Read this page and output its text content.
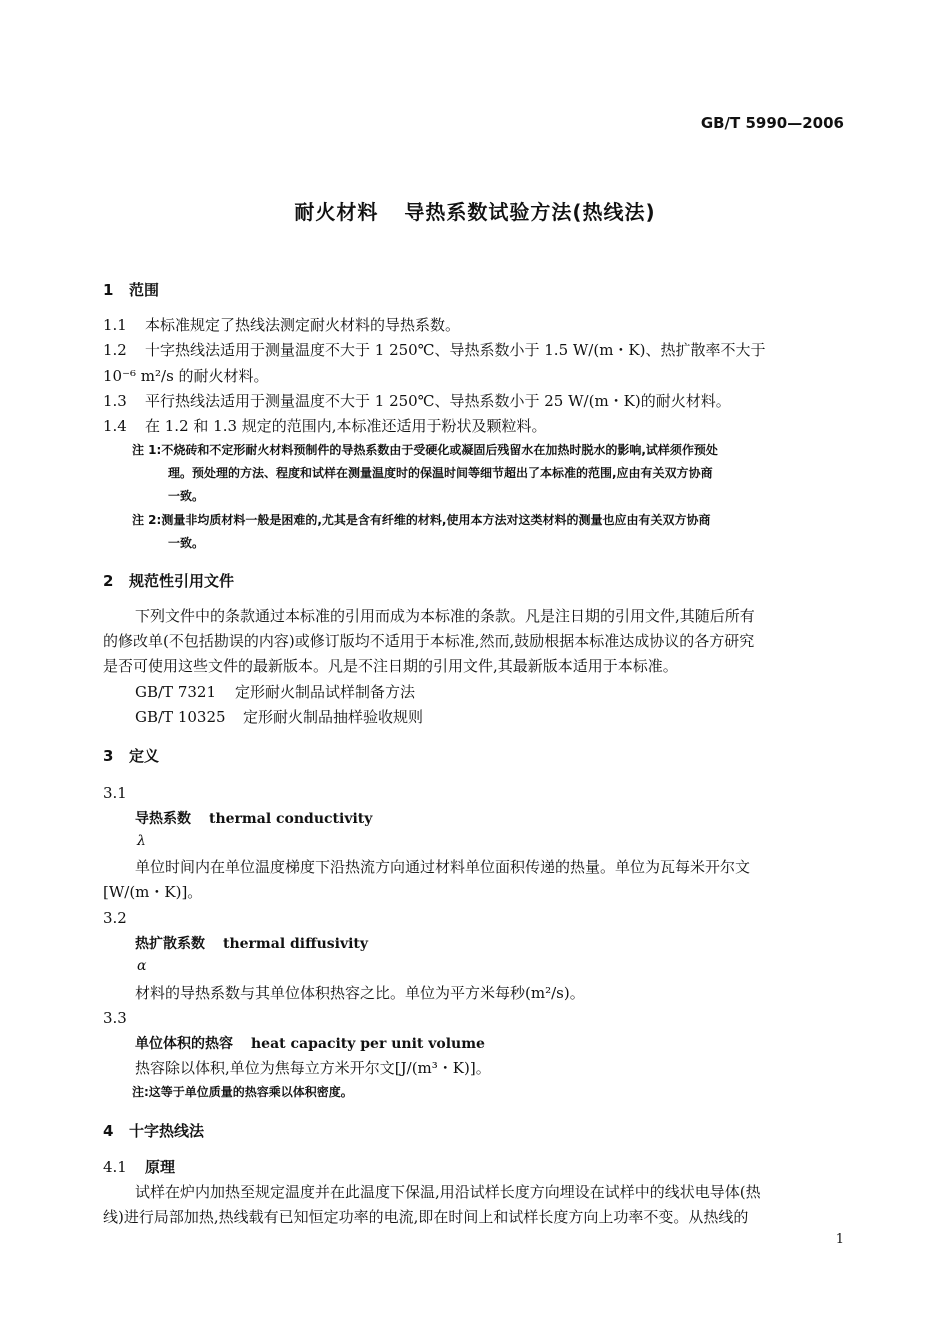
GB/T 5990—2006
耐火材料 导热系数试验方法(热线法)
1 范围
1.1 本标准规定了热线法测定耐火材料的导热系数。
1.2 十字热线法适用于测量温度不大于 1 250℃、导热系数小于 1.5 W/(m・K)、热扩散率不大于
10⁻⁶ m²/s 的耐火材料。
1.3 平行热线法适用于测量温度不大于 1 250℃、导热系数小于 25 W/(m・K)的耐火材料。
1.4 在 1.2 和 1.3 规定的范围内,本标准还适用于粉状及颗粒料。
注 1:不烧砖和不定形耐火材料预制件的导热系数由于受硬化或凝固后残留水在加热时脱水的影响,试样须作预处
理。预处理的方法、程度和试样在测量温度时的保温时间等细节超出了本标准的范围,应由有关双方协商
一致。
注 2:测量非均质材料一般是困难的,尤其是含有纤维的材料,使用本方法对这类材料的测量也应由有关双方协商
一致。
2 规范性引用文件
下列文件中的条款通过本标准的引用而成为本标准的条款。凡是注日期的引用文件,其随后所有
的修改单(不包括勘误的内容)或修订版均不适用于本标准,然而,鼓励根据本标准达成协议的各方研究
是否可使用这些文件的最新版本。凡是不注日期的引用文件,其最新版本适用于本标准。
GB/T 7321 定形耐火制品试样制备方法
GB/T 10325 定形耐火制品抽样验收规则
3 定义
3.1
导热系数 thermal conductivity
λ
单位时间内在单位温度梯度下沿热流方向通过材料单位面积传递的热量。单位为瓦每米开尔文
[W/(m・K)]。
3.2
热扩散系数 thermal diffusivity
α
材料的导热系数与其单位体积热容之比。单位为平方米每秒(m²/s)。
3.3
单位体积的热容 heat capacity per unit volume
热容除以体积,单位为焦每立方米开尔文[J/(m³・K)]。
注:这等于单位质量的热容乘以体积密度。
4 十字热线法
4.1 原理
试样在炉内加热至规定温度并在此温度下保温,用沿试样长度方向埋设在试样中的线状电导体(热
线)进行局部加热,热线载有已知恒定功率的电流,即在时间上和试样长度方向上功率不变。从热线的
1
